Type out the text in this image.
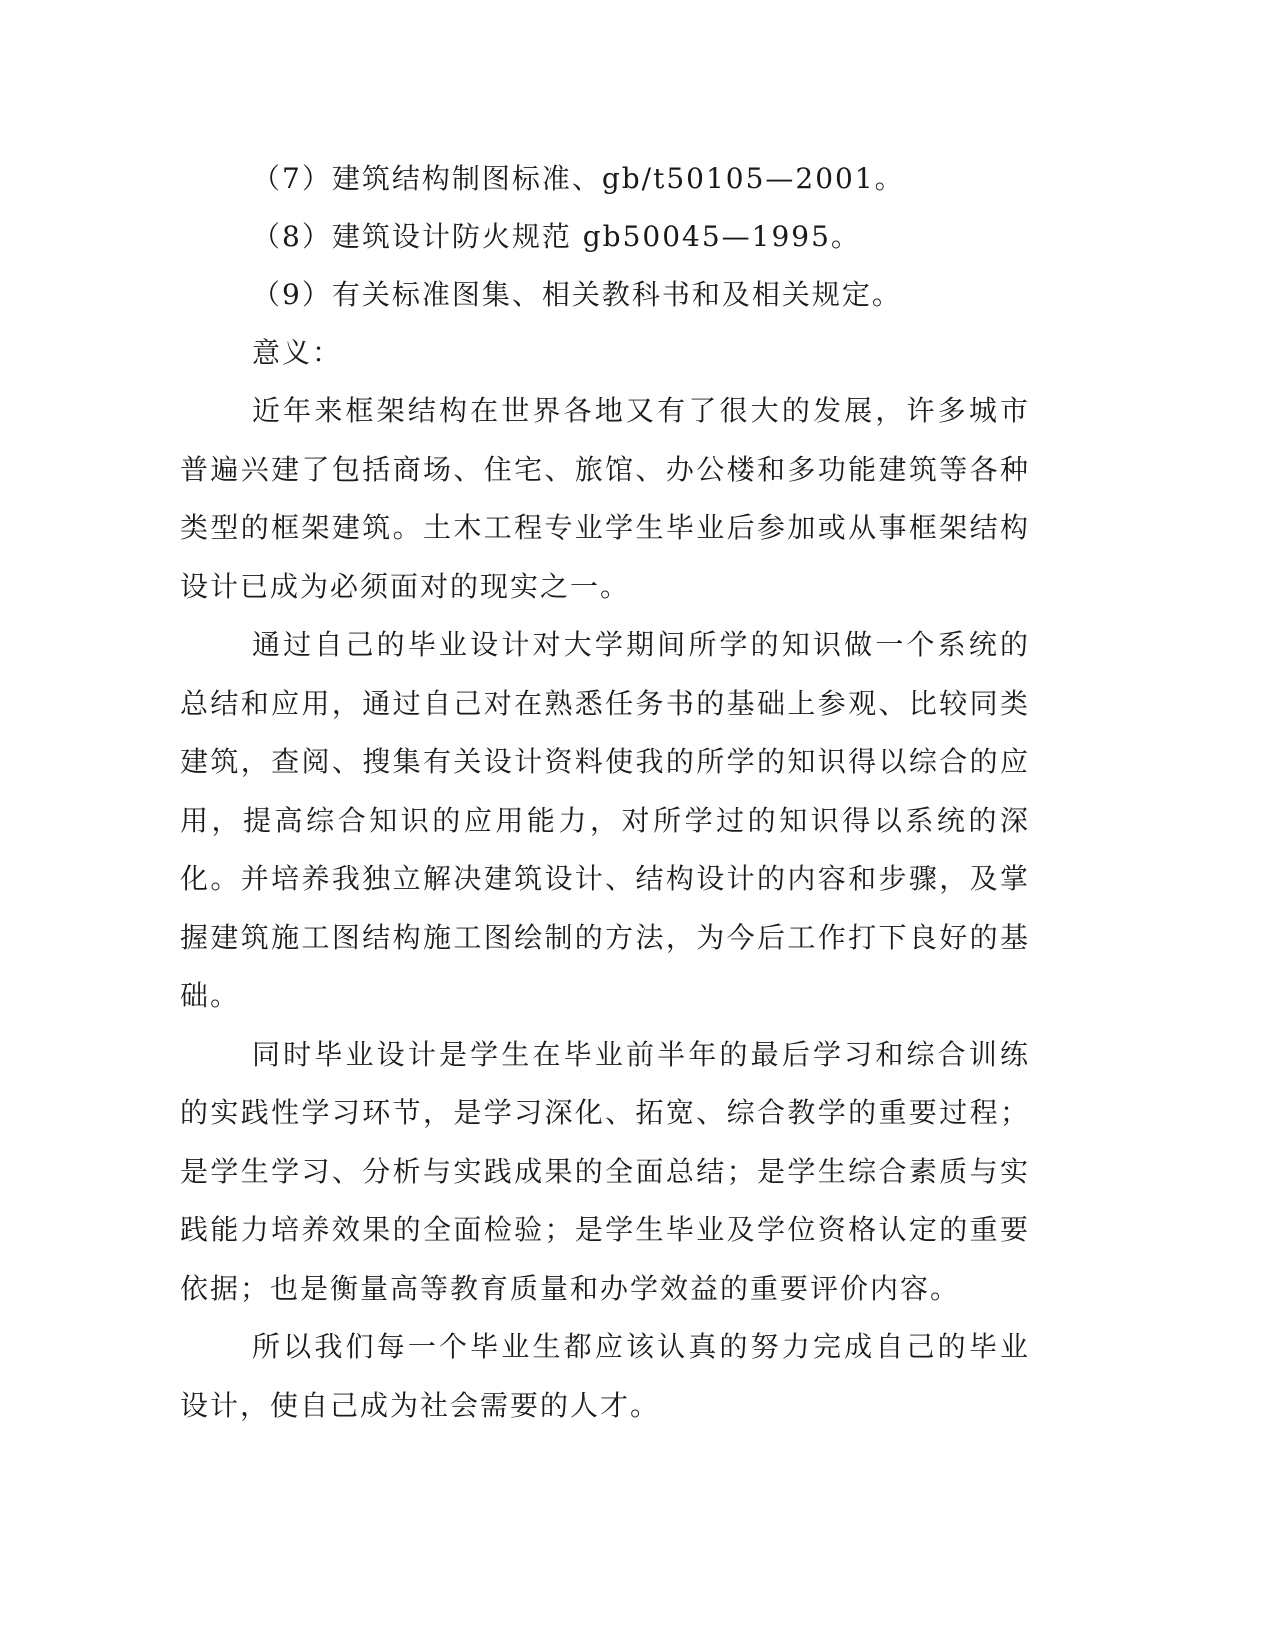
（7）建筑结构制图标准、gb/t50105—2001。

（8）建筑设计防火规范 gb50045—1995。

（9）有关标准图集、相关教科书和及相关规定。

意义：

近年来框架结构在世界各地又有了很大的发展，许多城市普遍兴建了包括商场、住宅、旅馆、办公楼和多功能建筑等各种类型的框架建筑。土木工程专业学生毕业后参加或从事框架结构设计已成为必须面对的现实之一。

通过自己的毕业设计对大学期间所学的知识做一个系统的总结和应用，通过自己对在熟悉任务书的基础上参观、比较同类建筑，查阅、搜集有关设计资料使我的所学的知识得以综合的应用，提高综合知识的应用能力，对所学过的知识得以系统的深化。并培养我独立解决建筑设计、结构设计的内容和步骤，及掌握建筑施工图结构施工图绘制的方法，为今后工作打下良好的基础。

同时毕业设计是学生在毕业前半年的最后学习和综合训练的实践性学习环节，是学习深化、拓宽、综合教学的重要过程；是学生学习、分析与实践成果的全面总结；是学生综合素质与实践能力培养效果的全面检验；是学生毕业及学位资格认定的重要依据；也是衡量高等教育质量和办学效益的重要评价内容。

所以我们每一个毕业生都应该认真的努力完成自己的毕业设计，使自己成为社会需要的人才。
